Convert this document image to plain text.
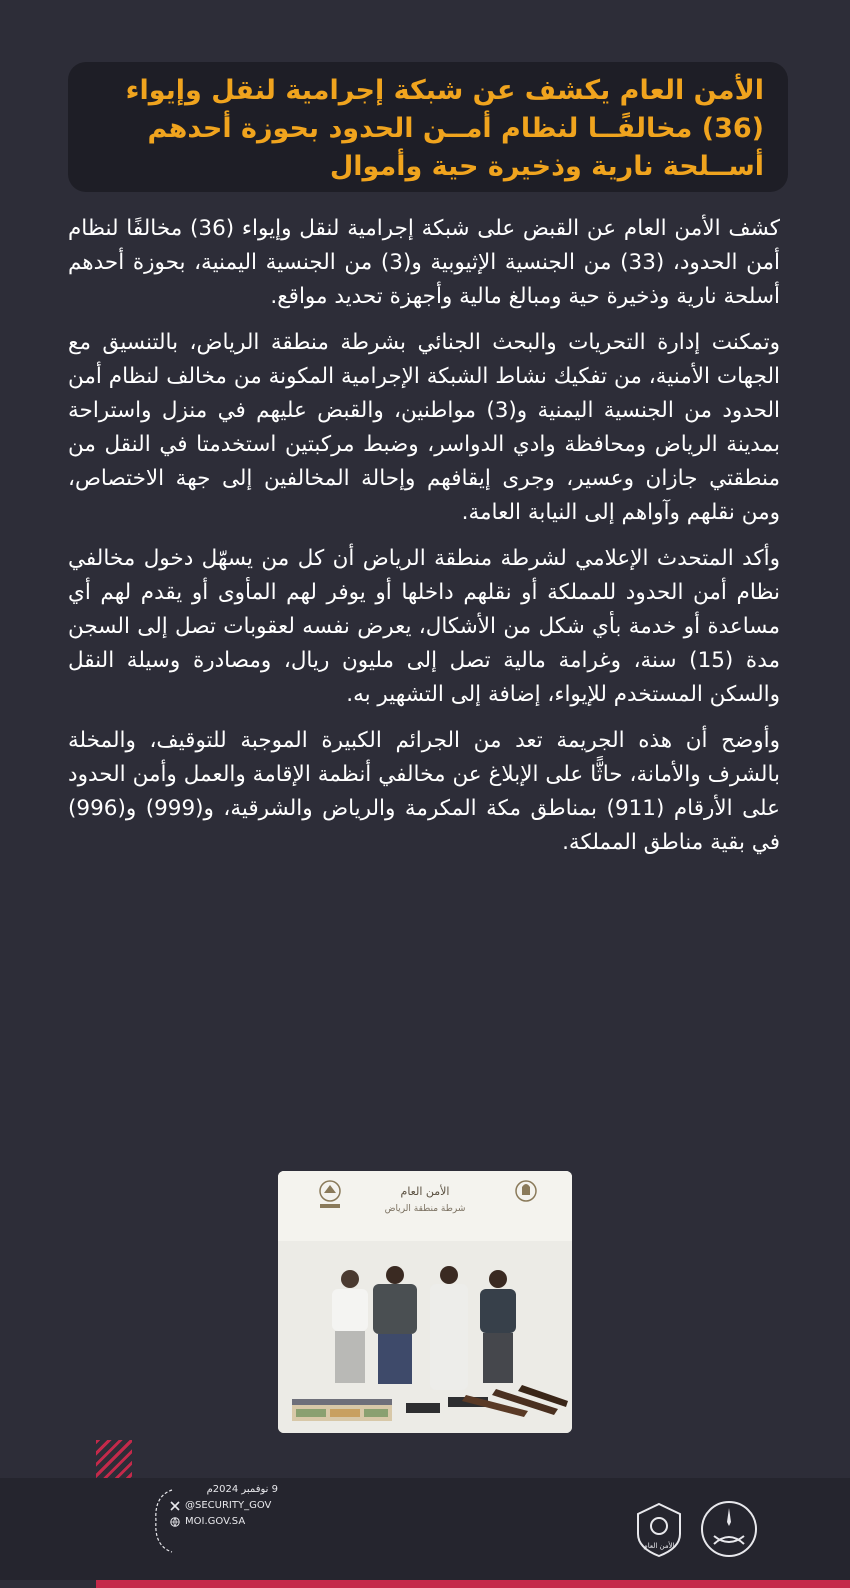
الأمن العام يكشف عن شبكة إجرامية لنقل وإيواء (36) مخالفًــا لنظام أمــن الحدود بحوزة أحدهم أســلحة نارية وذخيرة حية وأموال

كشف الأمن العام عن القبض على شبكة إجرامية لنقل وإيواء (36) مخالفًا لنظام أمن الحدود، (33) من الجنسية الإثيوبية و(3) من الجنسية اليمنية، بحوزة أحدهم أسلحة نارية وذخيرة حية ومبالغ مالية وأجهزة تحديد مواقع.

وتمكنت إدارة التحريات والبحث الجنائي بشرطة منطقة الرياض، بالتنسيق مع الجهات الأمنية، من تفكيك نشاط الشبكة الإجرامية المكونة من مخالف لنظام أمن الحدود من الجنسية اليمنية و(3) مواطنين، والقبض عليهم في منزل واستراحة بمدينة الرياض ومحافظة وادي الدواسر، وضبط مركبتين استخدمتا في النقل من منطقتي جازان وعسير، وجرى إيقافهم وإحالة المخالفين إلى جهة الاختصاص، ومن نقلهم وآواهم إلى النيابة العامة.

وأكد المتحدث الإعلامي لشرطة منطقة الرياض أن كل من يسهّل دخول مخالفي نظام أمن الحدود للمملكة أو نقلهم داخلها أو يوفر لهم المأوى أو يقدم لهم أي مساعدة أو خدمة بأي شكل من الأشكال، يعرض نفسه لعقوبات تصل إلى السجن مدة (15) سنة، وغرامة مالية تصل إلى مليون ريال، ومصادرة وسيلة النقل والسكن المستخدم للإيواء، إضافة إلى التشهير به.

وأوضح أن هذه الجريمة تعد من الجرائم الكبيرة الموجبة للتوقيف، والمخلة بالشرف والأمانة، حاثًّا على الإبلاغ عن مخالفي أنظمة الإقامة والعمل وأمن الحدود على الأرقام (911) بمناطق مكة المكرمة والرياض والشرقية، و(999) و(996) في بقية مناطق المملكة.

الأمن العام
شرطة منطقة الرياض
الأمن العام
9 نوفمبر 2024م
@SECURITY_GOV
MOI.GOV.SA
